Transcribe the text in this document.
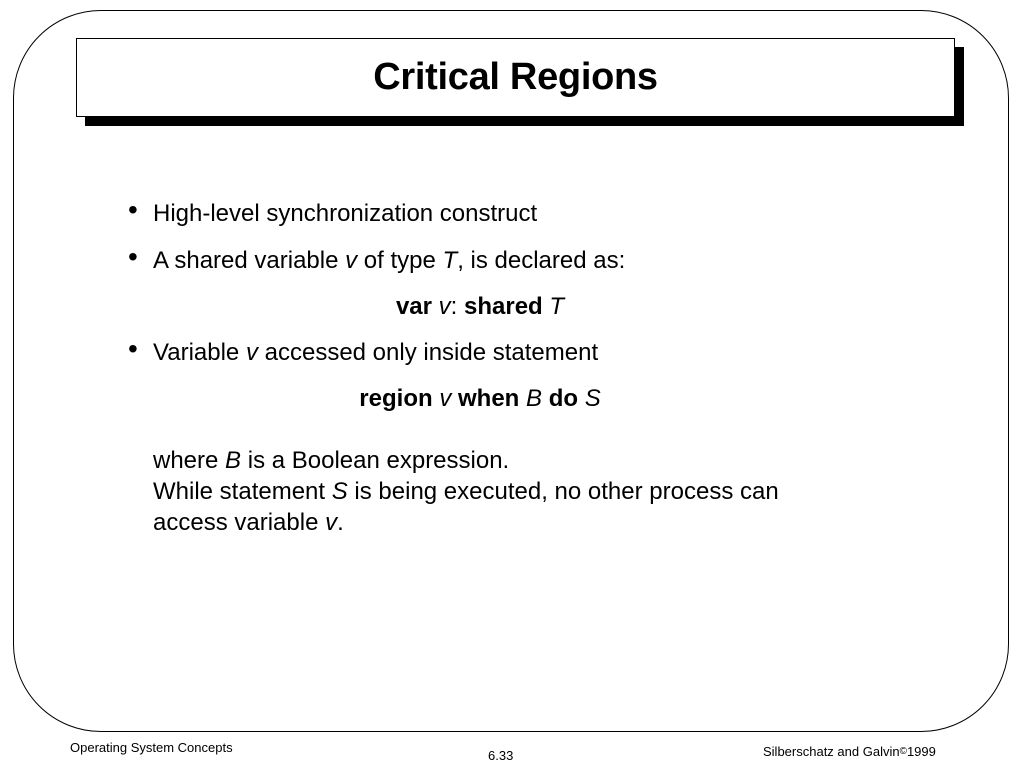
Critical Regions
• High-level synchronization construct
• A shared variable v of type T, is declared as:
var v: shared T
• Variable v accessed only inside statement
region v when B do S
where B is a Boolean expression.
While statement S is being executed, no other process can
access variable v.
Operating System Concepts
6.33	Silberschatz and Galvin©1999
